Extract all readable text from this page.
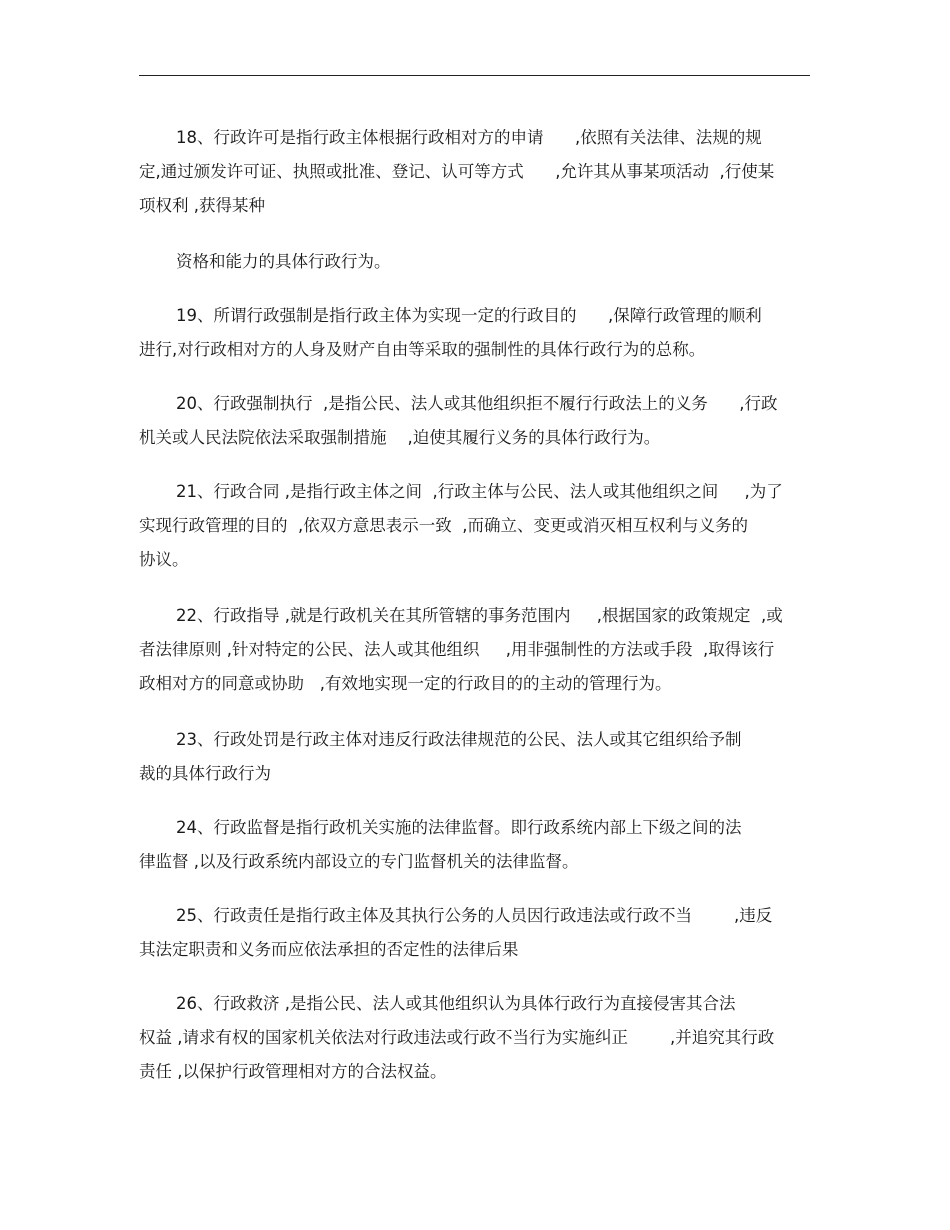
18、行政许可是指行政主体根据行政相对方的申请      ,依照有关法律、法规的规
定,通过颁发许可证、执照或批准、登记、认可等方式      ,允许其从事某项活动  ,行使某
项权利 ,获得某种
资格和能力的具体行政行为。
19、所谓行政强制是指行政主体为实现一定的行政目的      ,保障行政管理的顺利
进行,对行政相对方的人身及财产自由等采取的强制性的具体行政行为的总称。
20、行政强制执行  ,是指公民、法人或其他组织拒不履行行政法上的义务      ,行政
机关或人民法院依法采取强制措施    ,迫使其履行义务的具体行政行为。
21、行政合同 ,是指行政主体之间  ,行政主体与公民、法人或其他组织之间     ,为了
实现行政管理的目的  ,依双方意思表示一致  ,而确立、变更或消灭相互权利与义务的
协议。
22、行政指导 ,就是行政机关在其所管辖的事务范围内     ,根据国家的政策规定  ,或
者法律原则 ,针对特定的公民、法人或其他组织     ,用非强制性的方法或手段  ,取得该行
政相对方的同意或协助   ,有效地实现一定的行政目的的主动的管理行为。
23、行政处罚是行政主体对违反行政法律规范的公民、法人或其它组织给予制
裁的具体行政行为
24、行政监督是指行政机关实施的法律监督。即行政系统内部上下级之间的法
律监督 ,以及行政系统内部设立的专门监督机关的法律监督。
25、行政责任是指行政主体及其执行公务的人员因行政违法或行政不当        ,违反
其法定职责和义务而应依法承担的否定性的法律后果
26、行政救济 ,是指公民、法人或其他组织认为具体行政行为直接侵害其合法
权益 ,请求有权的国家机关依法对行政违法或行政不当行为实施纠正        ,并追究其行政
责任 ,以保护行政管理相对方的合法权益。
